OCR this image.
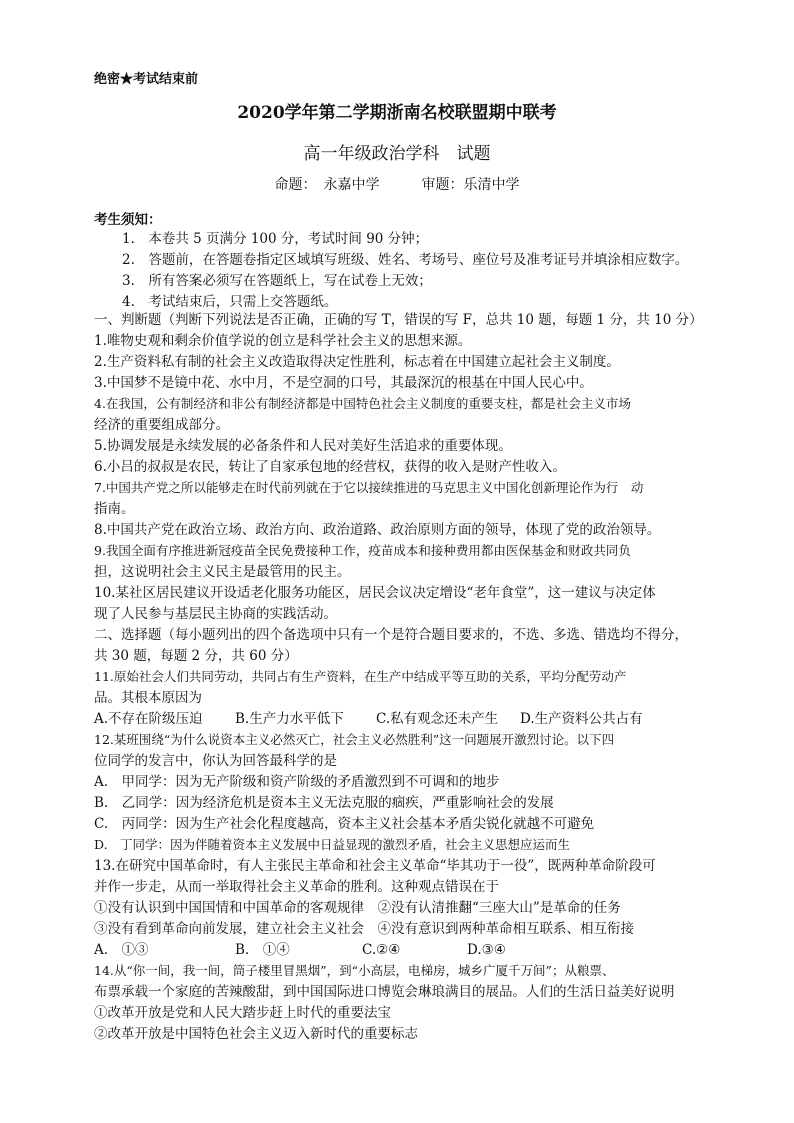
绝密★考试结束前
2020学年第二学期浙南名校联盟期中联考
高一年级政治学科　试题
命题：　永嘉中学　　　审题：乐清中学
考生须知：
1.　本卷共 5 页满分 100 分，考试时间 90 分钟；
2.　答题前，在答题卷指定区域填写班级、姓名、考场号、座位号及准考证号并填涂相应数字。
3.　所有答案必须写在答题纸上，写在试卷上无效；
4.　考试结束后，只需上交答题纸。
一、判断题（判断下列说法是否正确，正确的写 T，错误的写 F，总共 10 题，每题 1 分，共 10 分）
1.唯物史观和剩余价值学说的创立是科学社会主义的思想来源。
2.生产资料私有制的社会主义改造取得决定性胜利，标志着在中国建立起社会主义制度。
3.中国梦不是镜中花、水中月，不是空洞的口号，其最深沉的根基在中国人民心中。
4.在我国，公有制经济和非公有制经济都是中国特色社会主义制度的重要支柱，都是社会主义市场
经济的重要组成部分。
5.协调发展是永续发展的必备条件和人民对美好生活追求的重要体现。
6.小吕的叔叔是农民，转让了自家承包地的经营权，获得的收入是财产性收入。
7.中国共产党之所以能够走在时代前列就在于它以接续推进的马克思主义中国化创新理论作为行　动
指南。
8.中国共产党在政治立场、政治方向、政治道路、政治原则方面的领导，体现了党的政治领导。
9.我国全面有序推进新冠疫苗全民免费接种工作，疫苗成本和接种费用都由医保基金和财政共同负
担，这说明社会主义民主是最管用的民主。
10.某社区居民建议开设适老化服务功能区，居民会议决定增设“老年食堂”，这一建议与决定体
现了人民参与基层民主协商的实践活动。
二、选择题（每小题列出的四个备选项中只有一个是符合题目要求的，不选、多选、错选均不得分，
共 30 题，每题 2 分，共 60 分）
11.原始社会人们共同劳动，共同占有生产资料，在生产中结成平等互助的关系，平均分配劳动产
品。其根本原因为
A.不存在阶级压迫 B.生产力水平低下 C.私有观念还未产生 D.生产资料公共占有
12.某班围绕“为什么说资本主义必然灭亡，社会主义必然胜利”这一问题展开激烈讨论。以下四
位同学的发言中，你认为回答最科学的是
A.　甲同学：因为无产阶级和资产阶级的矛盾激烈到不可调和的地步
B.　乙同学：因为经济危机是资本主义无法克服的痼疾，严重影响社会的发展
C.　丙同学：因为生产社会化程度越高，资本主义社会基本矛盾尖锐化就越不可避免
D.　丁同学：因为伴随着资本主义发展中日益显现的激烈矛盾，社会主义思想应运而生
13.在研究中国革命时，有人主张民主革命和社会主义革命“毕其功于一役”，既两种革命阶段可
并作一步走，从而一举取得社会主义革命的胜利。这种观点错误在于
①没有认识到中国国情和中国革命的客观规律　②没有认清推翻“三座大山”是革命的任务
③没有看到革命向前发展，建立社会主义社会　④没有意识到两种革命相互联系、相互衔接
A.　①③	B.　①④	C.②④	D.③④
14.从“你一间，我一间，筒子楼里冒黑烟”，到“小高层，电梯房，城乡广厦千万间”；从粮票、
布票承载一个家庭的苦辣酸甜，到中国国际进口博览会琳琅满目的展品。人们的生活日益美好说明
①改革开放是党和人民大踏步赶上时代的重要法宝
②改革开放是中国特色社会主义迈入新时代的重要标志
